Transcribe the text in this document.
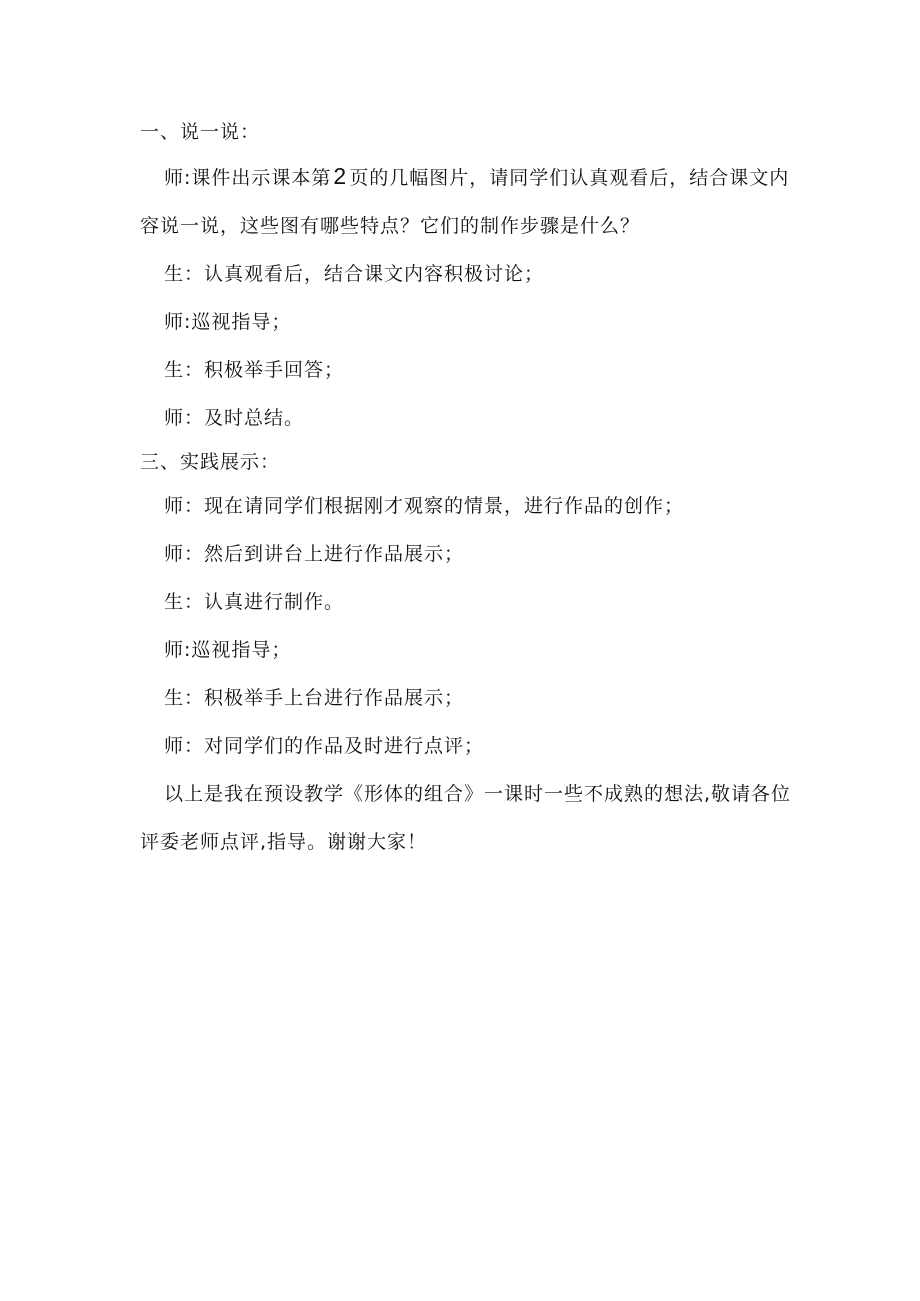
一、说一说：
师:课件出示课本第2 页的几幅图片，请同学们认真观看后，结合课文内容说一说，这些图有哪些特点？它们的制作步骤是什么？
生：认真观看后，结合课文内容积极讨论；
师:巡视指导；
生：积极举手回答；
师：及时总结。
三、实践展示：
师：现在请同学们根据刚才观察的情景，进行作品的创作；
师：然后到讲台上进行作品展示；
生：认真进行制作。
师:巡视指导；
生：积极举手上台进行作品展示；
师：对同学们的作品及时进行点评；
以上是我在预设教学《形体的组合》一课时一些不成熟的想法,敬请各位评委老师点评,指导。谢谢大家！
